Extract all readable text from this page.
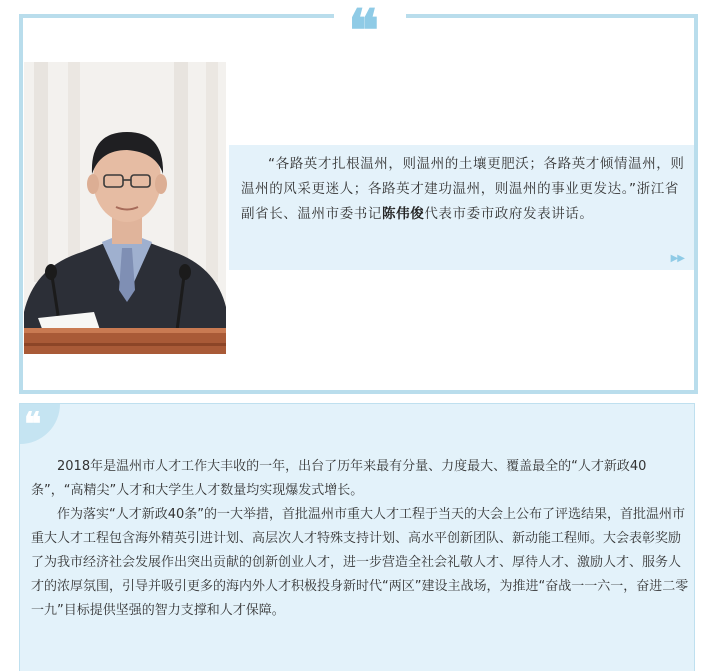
❝

“各路英才扎根温州，则温州的土壤更肥沃；各路英才倾情温州，则温州的风采更迷人；各路英才建功温州，则温州的事业更发达。”浙江省副省长、温州市委书记陈伟俊代表市委市政府发表讲话。

▶▶
❝

2018年是温州市人才工作大丰收的一年，出台了历年来最有分量、力度最大、覆盖最全的“人才新政40条”，“高精尖”人才和大学生人才数量均实现爆发式增长。

作为落实“人才新政40条”的一大举措，首批温州市重大人才工程于当天的大会上公布了评选结果，首批温州市重大人才工程包含海外精英引进计划、高层次人才特殊支持计划、高水平创新团队、新动能工程师。大会表彰奖励了为我市经济社会发展作出突出贡献的创新创业人才，进一步营造全社会礼敬人才、厚待人才、激励人才、服务人才的浓厚氛围，引导并吸引更多的海内外人才积极投身新时代“两区”建设主战场，为推进“奋战一一六一，奋进二零一九”目标提供坚强的智力支撑和人才保障。
